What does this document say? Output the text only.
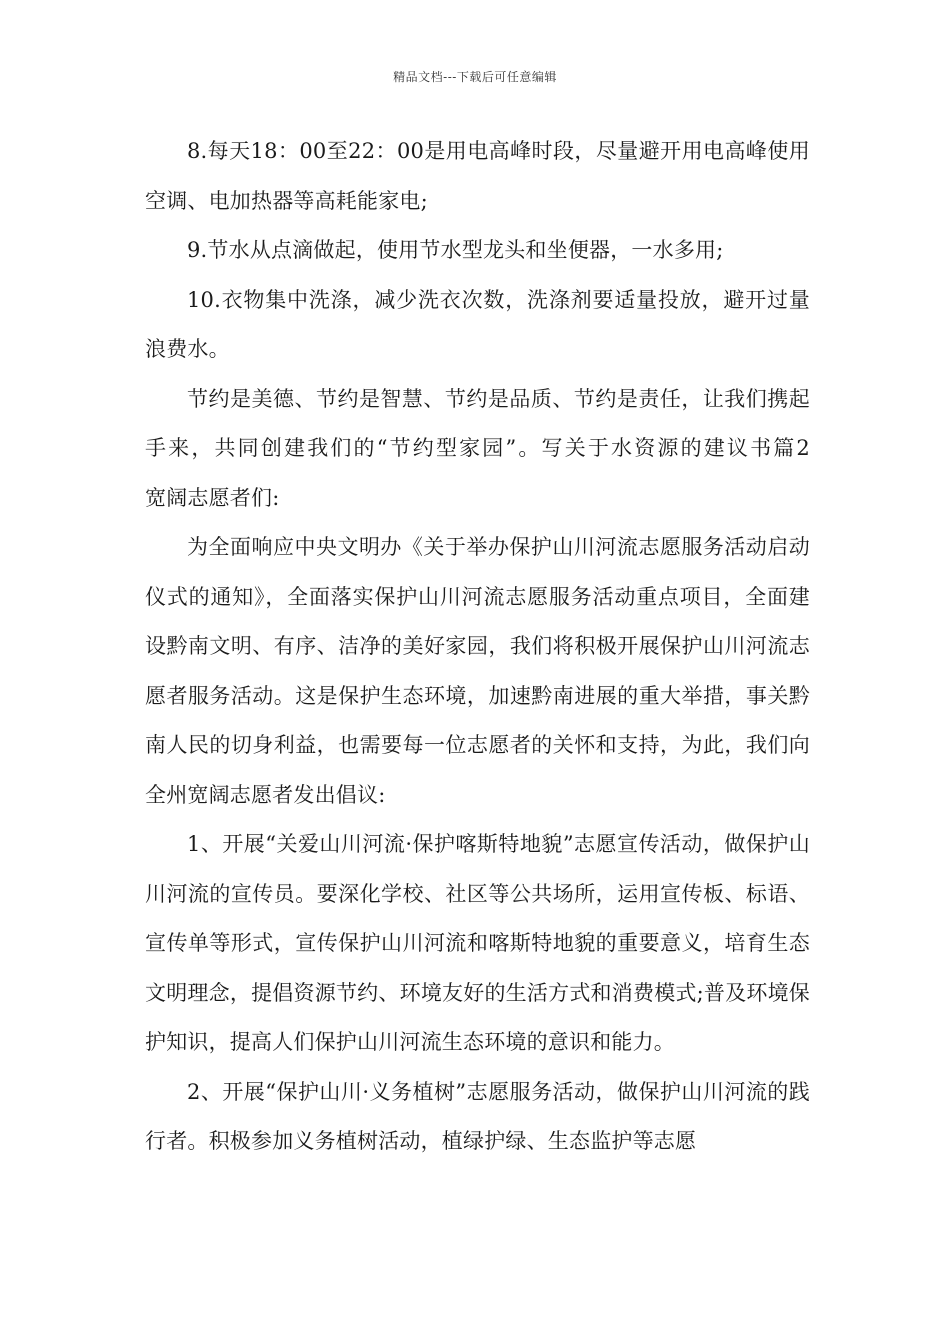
精品文档---下载后可任意编辑

8.每天18：00至22：00是用电高峰时段，尽量避开用电高峰使用空调、电加热器等高耗能家电;

9.节水从点滴做起，使用节水型龙头和坐便器，一水多用;

10.衣物集中洗涤，减少洗衣次数，洗涤剂要适量投放，避开过量浪费水。

节约是美德、节约是智慧、节约是品质、节约是责任，让我们携起手来，共同创建我们的“节约型家园”。写关于水资源的建议书篇2　　宽阔志愿者们:

为全面响应中央文明办《关于举办保护山川河流志愿服务活动启动仪式的通知》，全面落实保护山川河流志愿服务活动重点项目，全面建设黔南文明、有序、洁净的美好家园，我们将积极开展保护山川河流志愿者服务活动。这是保护生态环境，加速黔南进展的重大举措，事关黔南人民的切身利益，也需要每一位志愿者的关怀和支持，为此，我们向全州宽阔志愿者发出倡议:

1、开展“关爱山川河流·保护喀斯特地貌”志愿宣传活动，做保护山川河流的宣传员。要深化学校、社区等公共场所，运用宣传板、标语、宣传单等形式，宣传保护山川河流和喀斯特地貌的重要意义，培育生态文明理念，提倡资源节约、环境友好的生活方式和消费模式;普及环境保护知识，提高人们保护山川河流生态环境的意识和能力。

2、开展“保护山川·义务植树”志愿服务活动，做保护山川河流的践行者。积极参加义务植树活动，植绿护绿、生态监护等志愿
